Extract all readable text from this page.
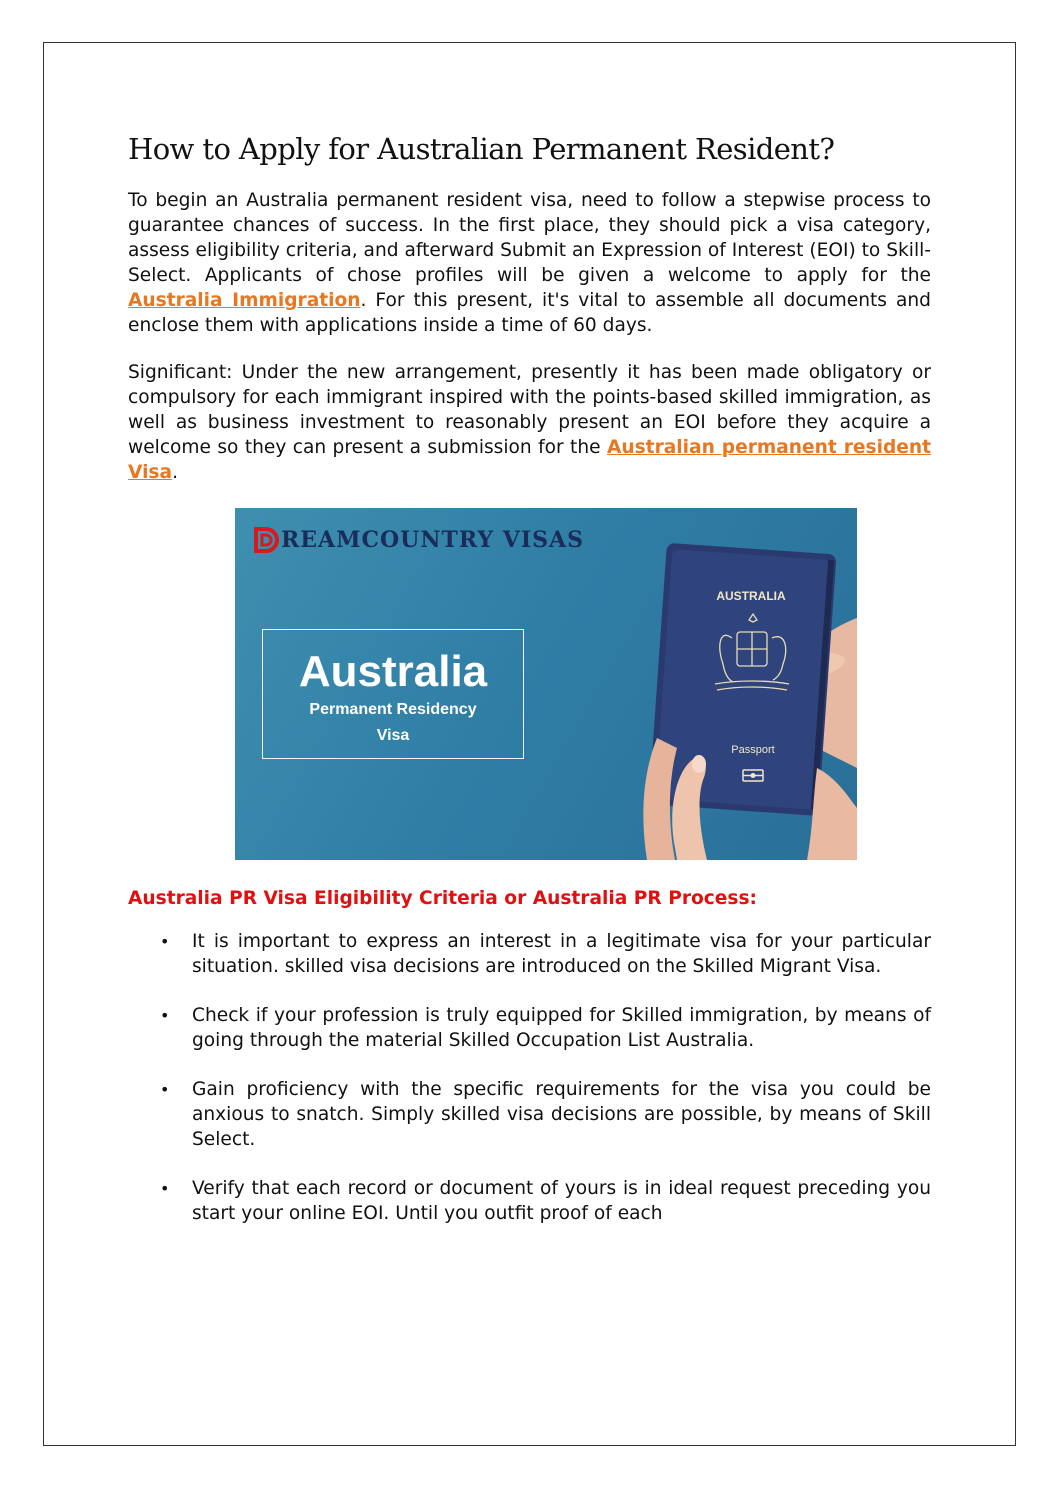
How to Apply for Australian Permanent Resident?

To begin an Australia permanent resident visa, need to follow a stepwise process to guarantee chances of success. In the first place, they should pick a visa category, assess eligibility criteria, and afterward Submit an Expression of Interest (EOI) to Skill-Select. Applicants of chose profiles will be given a welcome to apply for the Australia Immigration. For this present, it's vital to assemble all documents and enclose them with applications inside a time of 60 days.

Significant: Under the new arrangement, presently it has been made obligatory or compulsory for each immigrant inspired with the points-based skilled immigration, as well as business investment to reasonably present an EOI before they acquire a welcome so they can present a submission for the Australian permanent resident Visa.

REAMCOUNTRY VISAS
Australia
Permanent Residency
Visa
AUSTRALIA
Passport
Australia PR Visa Eligibility Criteria or Australia PR Process:
• It is important to express an interest in a legitimate visa for your particular situation. skilled visa decisions are introduced on the Skilled Migrant Visa.
• Check if your profession is truly equipped for Skilled immigration, by means of going through the material Skilled Occupation List Australia.
• Gain proficiency with the specific requirements for the visa you could be anxious to snatch. Simply skilled visa decisions are possible, by means of Skill Select.
• Verify that each record or document of yours is in ideal request preceding you start your online EOI. Until you outfit proof of each
